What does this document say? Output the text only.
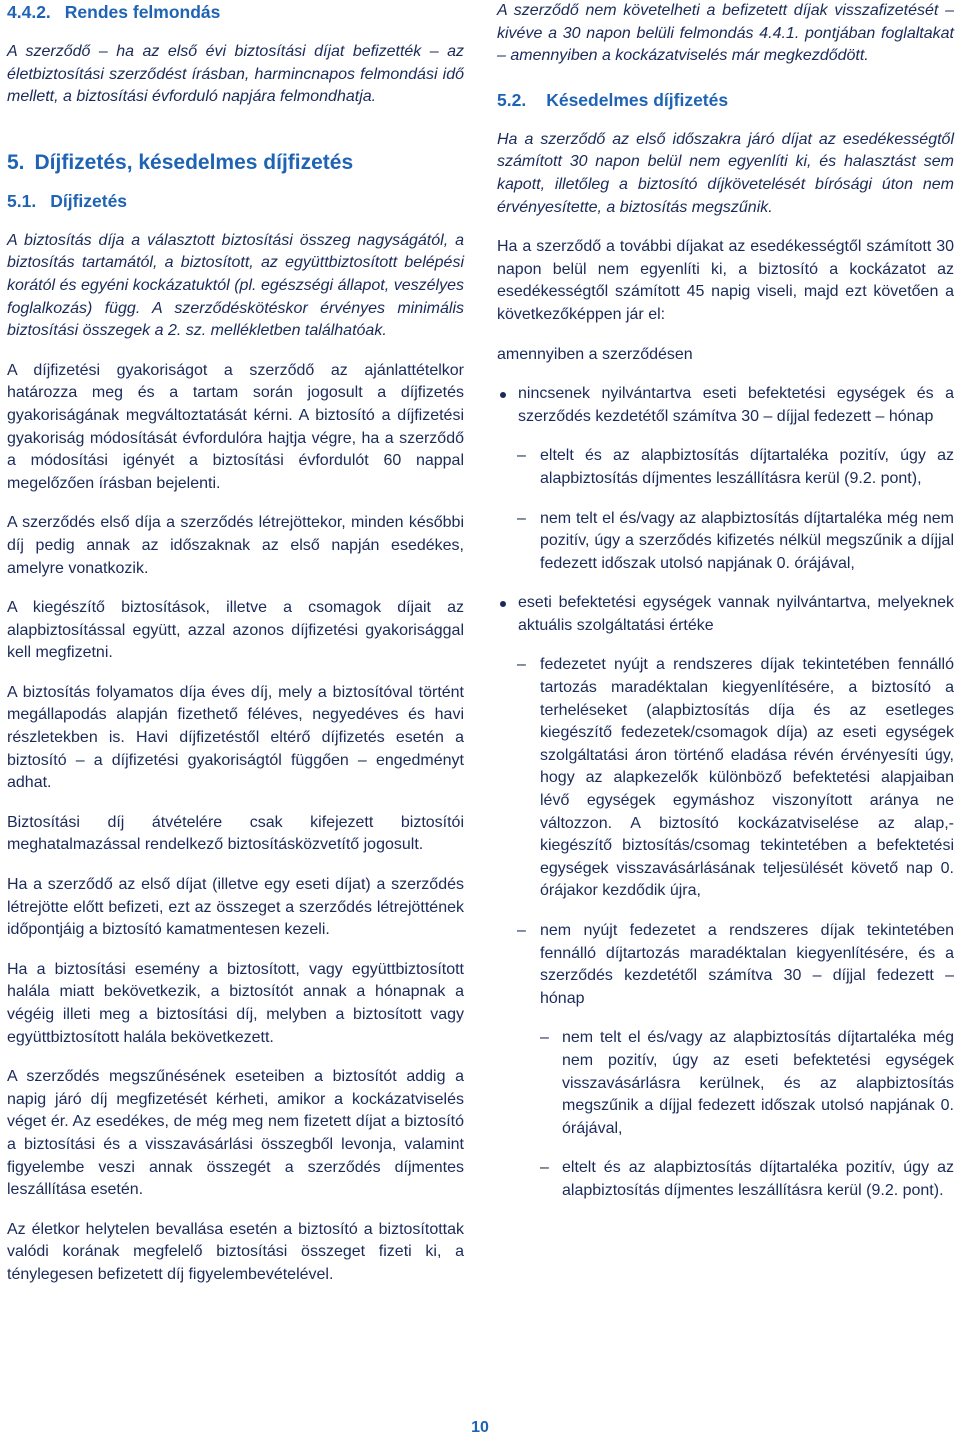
4.4.2. Rendes felmondás

A szerződő – ha az első évi biztosítási díjat befizették – az életbiztosítási szerződést írásban, harmincnapos felmondási idő mellett, a biztosítási évforduló napjára felmondhatja.

5. Díjfizetés, késedelmes díjfizetés
5.1. Díjfizetés

A biztosítás díja a választott biztosítási összeg nagyságától, a biztosítás tartamától, a biztosított, az együttbiztosított belépési korától és egyéni kockázatuktól (pl. egészségi állapot, veszélyes foglalkozás) függ. A szerződéskötéskor érvényes minimális biztosítási összegek a 2. sz. mellékletben találhatóak.

A díjfizetési gyakoriságot a szerződő az ajánlattételkor határozza meg és a tartam során jogosult a díjfizetés gyakoriságának megváltoztatását kérni. A biztosító a díjfizetési gyakoriság módosítását évfordulóra hajtja végre, ha a szerződő a módosítási igényét a biztosítási évfordulót 60 nappal megelőzően írásban bejelenti.

A szerződés első díja a szerződés létrejöttekor, minden későbbi díj pedig annak az időszaknak az első napján esedékes, amelyre vonatkozik.

A kiegészítő biztosítások, illetve a csomagok díjait az alapbiztosítással együtt, azzal azonos díjfizetési gyakorisággal kell megfizetni.

A biztosítás folyamatos díja éves díj, mely a biztosítóval történt megállapodás alapján fizethető féléves, negyedéves és havi részletekben is. Havi díjfizetéstől eltérő díjfizetés esetén a biztosító – a díjfizetési gyakoriságtól függően – engedményt adhat.

Biztosítási díj átvételére csak kifejezett biztosítói meghatalmazással rendelkező biztosításközvetítő jogosult.

Ha a szerződő az első díjat (illetve egy eseti díjat) a szerződés létrejötte előtt befizeti, ezt az összeget a szerződés létrejöttének időpontjáig a biztosító kamatmentesen kezeli.

Ha a biztosítási esemény a biztosított, vagy együttbiztosított halála miatt bekövetkezik, a biztosítót annak a hónapnak a végéig illeti meg a biztosítási díj, melyben a biztosított vagy együttbiztosított halála bekövetkezett.

A szerződés megszűnésének eseteiben a biztosítót addig a napig járó díj megfizetését kérheti, amikor a kockázatviselés véget ér. Az esedékes, de még meg nem fizetett díjat a biztosító a biztosítási és a visszavásárlási összegből levonja, valamint figyelembe veszi annak összegét a szerződés díjmentes leszállítása esetén.

Az életkor helytelen bevallása esetén a biztosító a biztosítottak valódi korának megfelelő biztosítási összeget fizeti ki, a ténylegesen befizetett díj figyelembevételével.

A szerződő nem követelheti a befizetett díjak visszafizetését – kivéve a 30 napon belüli felmondás 4.4.1. pontjában foglaltakat – amennyiben a kockázatviselés már megkezdődött.

5.2. Késedelmes díjfizetés

Ha a szerződő az első időszakra járó díjat az esedékességtől számított 30 napon belül nem egyenlíti ki, és halasztást sem kapott, illetőleg a biztosító díjkövetelését bírósági úton nem érvényesítette, a biztosítás megszűnik.

Ha a szerződő a további díjakat az esedékességtől számított 30 napon belül nem egyenlíti ki, a biztosító a kockázatot az esedékességtől számított 45 napig viseli, majd ezt követően a következőképpen jár el:

amennyiben a szerződésen

nincsenek nyilvántartva eseti befektetési egységek és a szerződés kezdetétől számítva 30 – díjjal fedezett – hónap

– eltelt és az alapbiztosítás díjtartaléka pozitív, úgy az alapbiztosítás díjmentes leszállításra kerül (9.2. pont),

– nem telt el és/vagy az alapbiztosítás díjtartaléka még nem pozitív, úgy a szerződés kifizetés nélkül megszűnik a díjjal fedezett időszak utolsó napjának 0. órájával,

eseti befektetési egységek vannak nyilvántartva, melyeknek aktuális szolgáltatási értéke

– fedezetet nyújt a rendszeres díjak tekintetében fennálló tartozás maradéktalan kiegyenlítésére, a biztosító a terheléseket (alapbiztosítás díja és az esetleges kiegészítő fedezetek/csomagok díja) az eseti egységek szolgáltatási áron történő eladása révén érvényesíti úgy, hogy az alapkezelők különböző befektetési alapjaiban lévő egységek egymáshoz viszonyított aránya ne változzon. A biztosító kockázatviselése az alap,- kiegészítő biztosítás/csomag tekintetében a befektetési egységek visszavásárlásának teljesülését követő nap 0. órájakor kezdődik újra,

– nem nyújt fedezetet a rendszeres díjak tekintetében fennálló díjtartozás maradéktalan kiegyenlítésére, és a szerződés kezdetétől számítva 30 – díjjal fedezett – hónap

– nem telt el és/vagy az alapbiztosítás díjtartaléka még nem pozitív, úgy az eseti befektetési egységek visszavásárlásra kerülnek, és az alapbiztosítás megszűnik a díjjal fedezett időszak utolsó napjának 0. órájával,

– eltelt és az alapbiztosítás díjtartaléka pozitív, úgy az alapbiztosítás díjmentes leszállításra kerül (9.2. pont).

10
